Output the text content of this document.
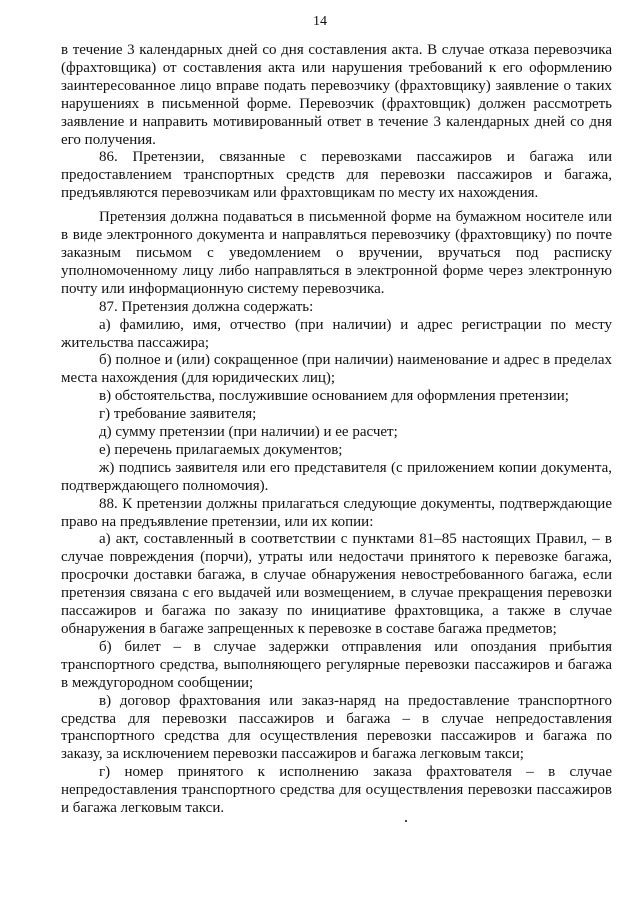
14

в течение 3 календарных дней со дня составления акта. В случае отказа перевозчика (фрахтовщика) от составления акта или нарушения требований к его оформлению заинтересованное лицо вправе подать перевозчику (фрахтовщику) заявление о таких нарушениях в письменной форме. Перевозчик (фрахтовщик) должен рассмотреть заявление и направить мотивированный ответ в течение 3 календарных дней со дня его получения.

86. Претензии, связанные с перевозками пассажиров и багажа или предоставлением транспортных средств для перевозки пассажиров и багажа, предъявляются перевозчикам или фрахтовщикам по месту их нахождения.

Претензия должна подаваться в письменной форме на бумажном носителе или в виде электронного документа и направляться перевозчику (фрахтовщику) по почте заказным письмом с уведомлением о вручении, вручаться под расписку уполномоченному лицу либо направляться в электронной форме через электронную почту или информационную систему перевозчика.

87. Претензия должна содержать:

а) фамилию, имя, отчество (при наличии) и адрес регистрации по месту жительства пассажира;

б) полное и (или) сокращенное (при наличии) наименование и адрес в пределах места нахождения (для юридических лиц);

в) обстоятельства, послужившие основанием для оформления претензии;

г) требование заявителя;

д) сумму претензии (при наличии) и ее расчет;

е) перечень прилагаемых документов;

ж) подпись заявителя или его представителя (с приложением копии документа, подтверждающего полномочия).

88. К претензии должны прилагаться следующие документы, подтверждающие право на предъявление претензии, или их копии:

а) акт, составленный в соответствии с пунктами 81–85 настоящих Правил, – в случае повреждения (порчи), утраты или недостачи принятого к перевозке багажа, просрочки доставки багажа, в случае обнаружения невостребованного багажа, если претензия связана с его выдачей или возмещением, в случае прекращения перевозки пассажиров и багажа по заказу по инициативе фрахтовщика, а также в случае обнаружения в багаже запрещенных к перевозке в составе багажа предметов;

б) билет – в случае задержки отправления или опоздания прибытия транспортного средства, выполняющего регулярные перевозки пассажиров и багажа в междугородном сообщении;

в) договор фрахтования или заказ-наряд на предоставление транспортного средства для перевозки пассажиров и багажа – в случае непредоставления транспортного средства для осуществления перевозки пассажиров и багажа по заказу, за исключением перевозки пассажиров и багажа легковым такси;

г) номер принятого к исполнению заказа фрахтователя – в случае непредоставления транспортного средства для осуществления перевозки пассажиров и багажа легковым такси.
